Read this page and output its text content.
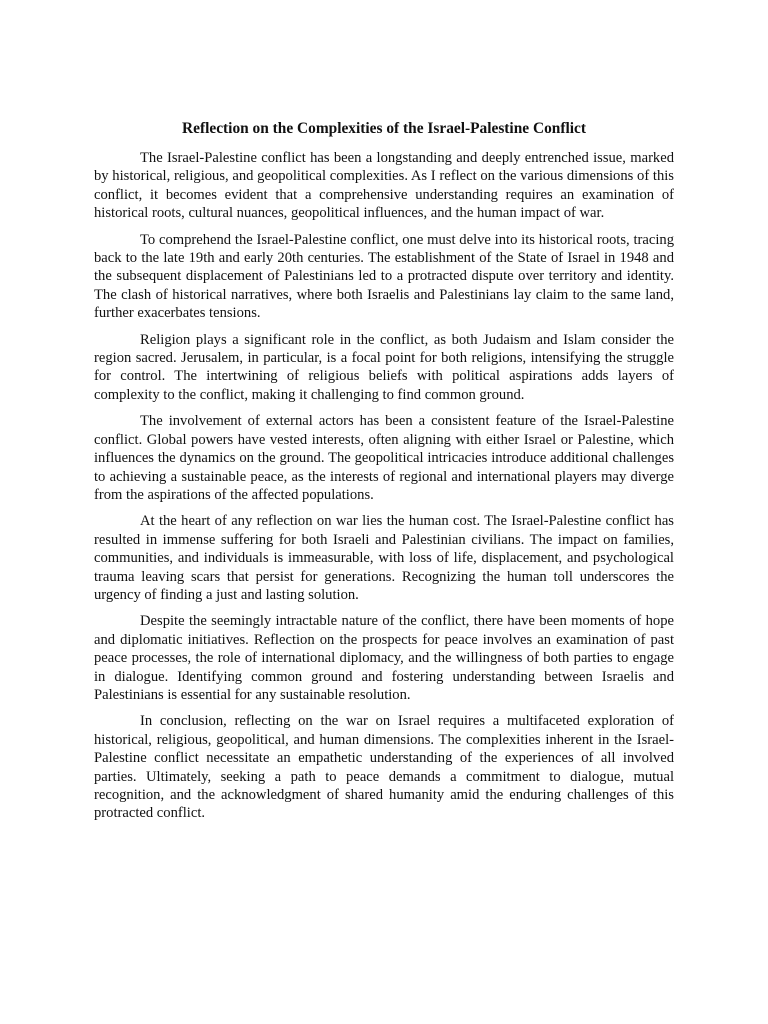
Reflection on the Complexities of the Israel-Palestine Conflict

The Israel-Palestine conflict has been a longstanding and deeply entrenched issue, marked by historical, religious, and geopolitical complexities. As I reflect on the various dimensions of this conflict, it becomes evident that a comprehensive understanding requires an examination of historical roots, cultural nuances, geopolitical influences, and the human impact of war.

To comprehend the Israel-Palestine conflict, one must delve into its historical roots, tracing back to the late 19th and early 20th centuries. The establishment of the State of Israel in 1948 and the subsequent displacement of Palestinians led to a protracted dispute over territory and identity. The clash of historical narratives, where both Israelis and Palestinians lay claim to the same land, further exacerbates tensions.

Religion plays a significant role in the conflict, as both Judaism and Islam consider the region sacred. Jerusalem, in particular, is a focal point for both religions, intensifying the struggle for control. The intertwining of religious beliefs with political aspirations adds layers of complexity to the conflict, making it challenging to find common ground.

The involvement of external actors has been a consistent feature of the Israel-Palestine conflict. Global powers have vested interests, often aligning with either Israel or Palestine, which influences the dynamics on the ground. The geopolitical intricacies introduce additional challenges to achieving a sustainable peace, as the interests of regional and international players may diverge from the aspirations of the affected populations.

At the heart of any reflection on war lies the human cost. The Israel-Palestine conflict has resulted in immense suffering for both Israeli and Palestinian civilians. The impact on families, communities, and individuals is immeasurable, with loss of life, displacement, and psychological trauma leaving scars that persist for generations. Recognizing the human toll underscores the urgency of finding a just and lasting solution.

Despite the seemingly intractable nature of the conflict, there have been moments of hope and diplomatic initiatives. Reflection on the prospects for peace involves an examination of past peace processes, the role of international diplomacy, and the willingness of both parties to engage in dialogue. Identifying common ground and fostering understanding between Israelis and Palestinians is essential for any sustainable resolution.

In conclusion, reflecting on the war on Israel requires a multifaceted exploration of historical, religious, geopolitical, and human dimensions. The complexities inherent in the Israel-Palestine conflict necessitate an empathetic understanding of the experiences of all involved parties. Ultimately, seeking a path to peace demands a commitment to dialogue, mutual recognition, and the acknowledgment of shared humanity amid the enduring challenges of this protracted conflict.
